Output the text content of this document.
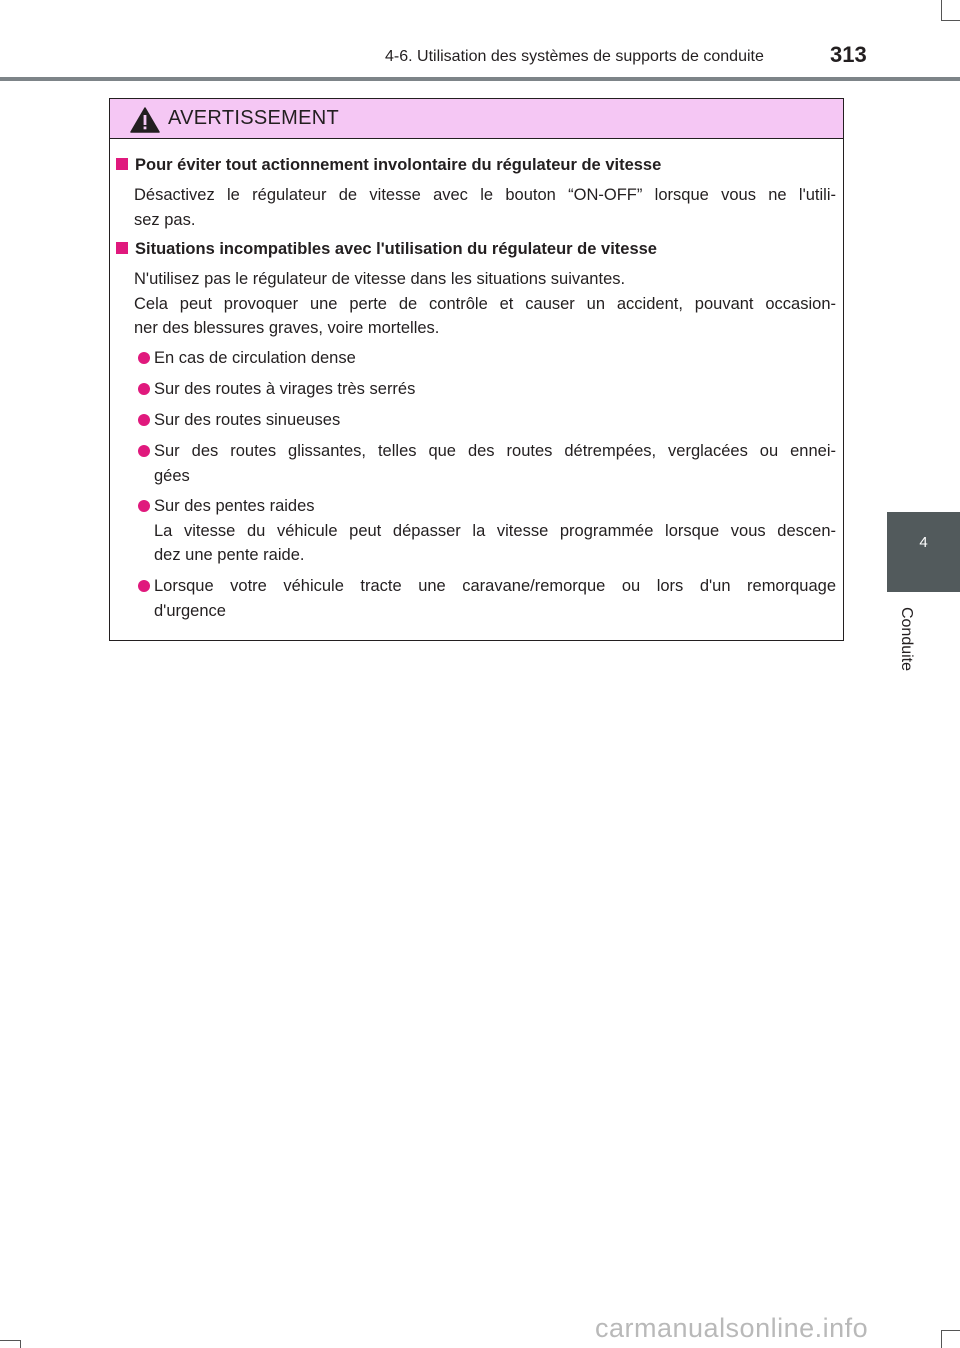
4-6. Utilisation des systèmes de supports de conduite	313
4
Conduite
AVERTISSEMENT
Pour éviter tout actionnement involontaire du régulateur de vitesse
Désactivez le régulateur de vitesse avec le bouton “ON-OFF” lorsque vous ne l'utili-
sez pas.
Situations incompatibles avec l'utilisation du régulateur de vitesse
N'utilisez pas le régulateur de vitesse dans les situations suivantes.
Cela peut provoquer une perte de contrôle et causer un accident, pouvant occasion-
ner des blessures graves, voire mortelles.
En cas de circulation dense
Sur des routes à virages très serrés
Sur des routes sinueuses
Sur des routes glissantes, telles que des routes détrempées, verglacées ou ennei-
gées
Sur des pentes raides
La vitesse du véhicule peut dépasser la vitesse programmée lorsque vous descen-
dez une pente raide.
Lorsque votre véhicule tracte une caravane/remorque ou lors d'un remorquage
d'urgence
carmanualsonline.info
